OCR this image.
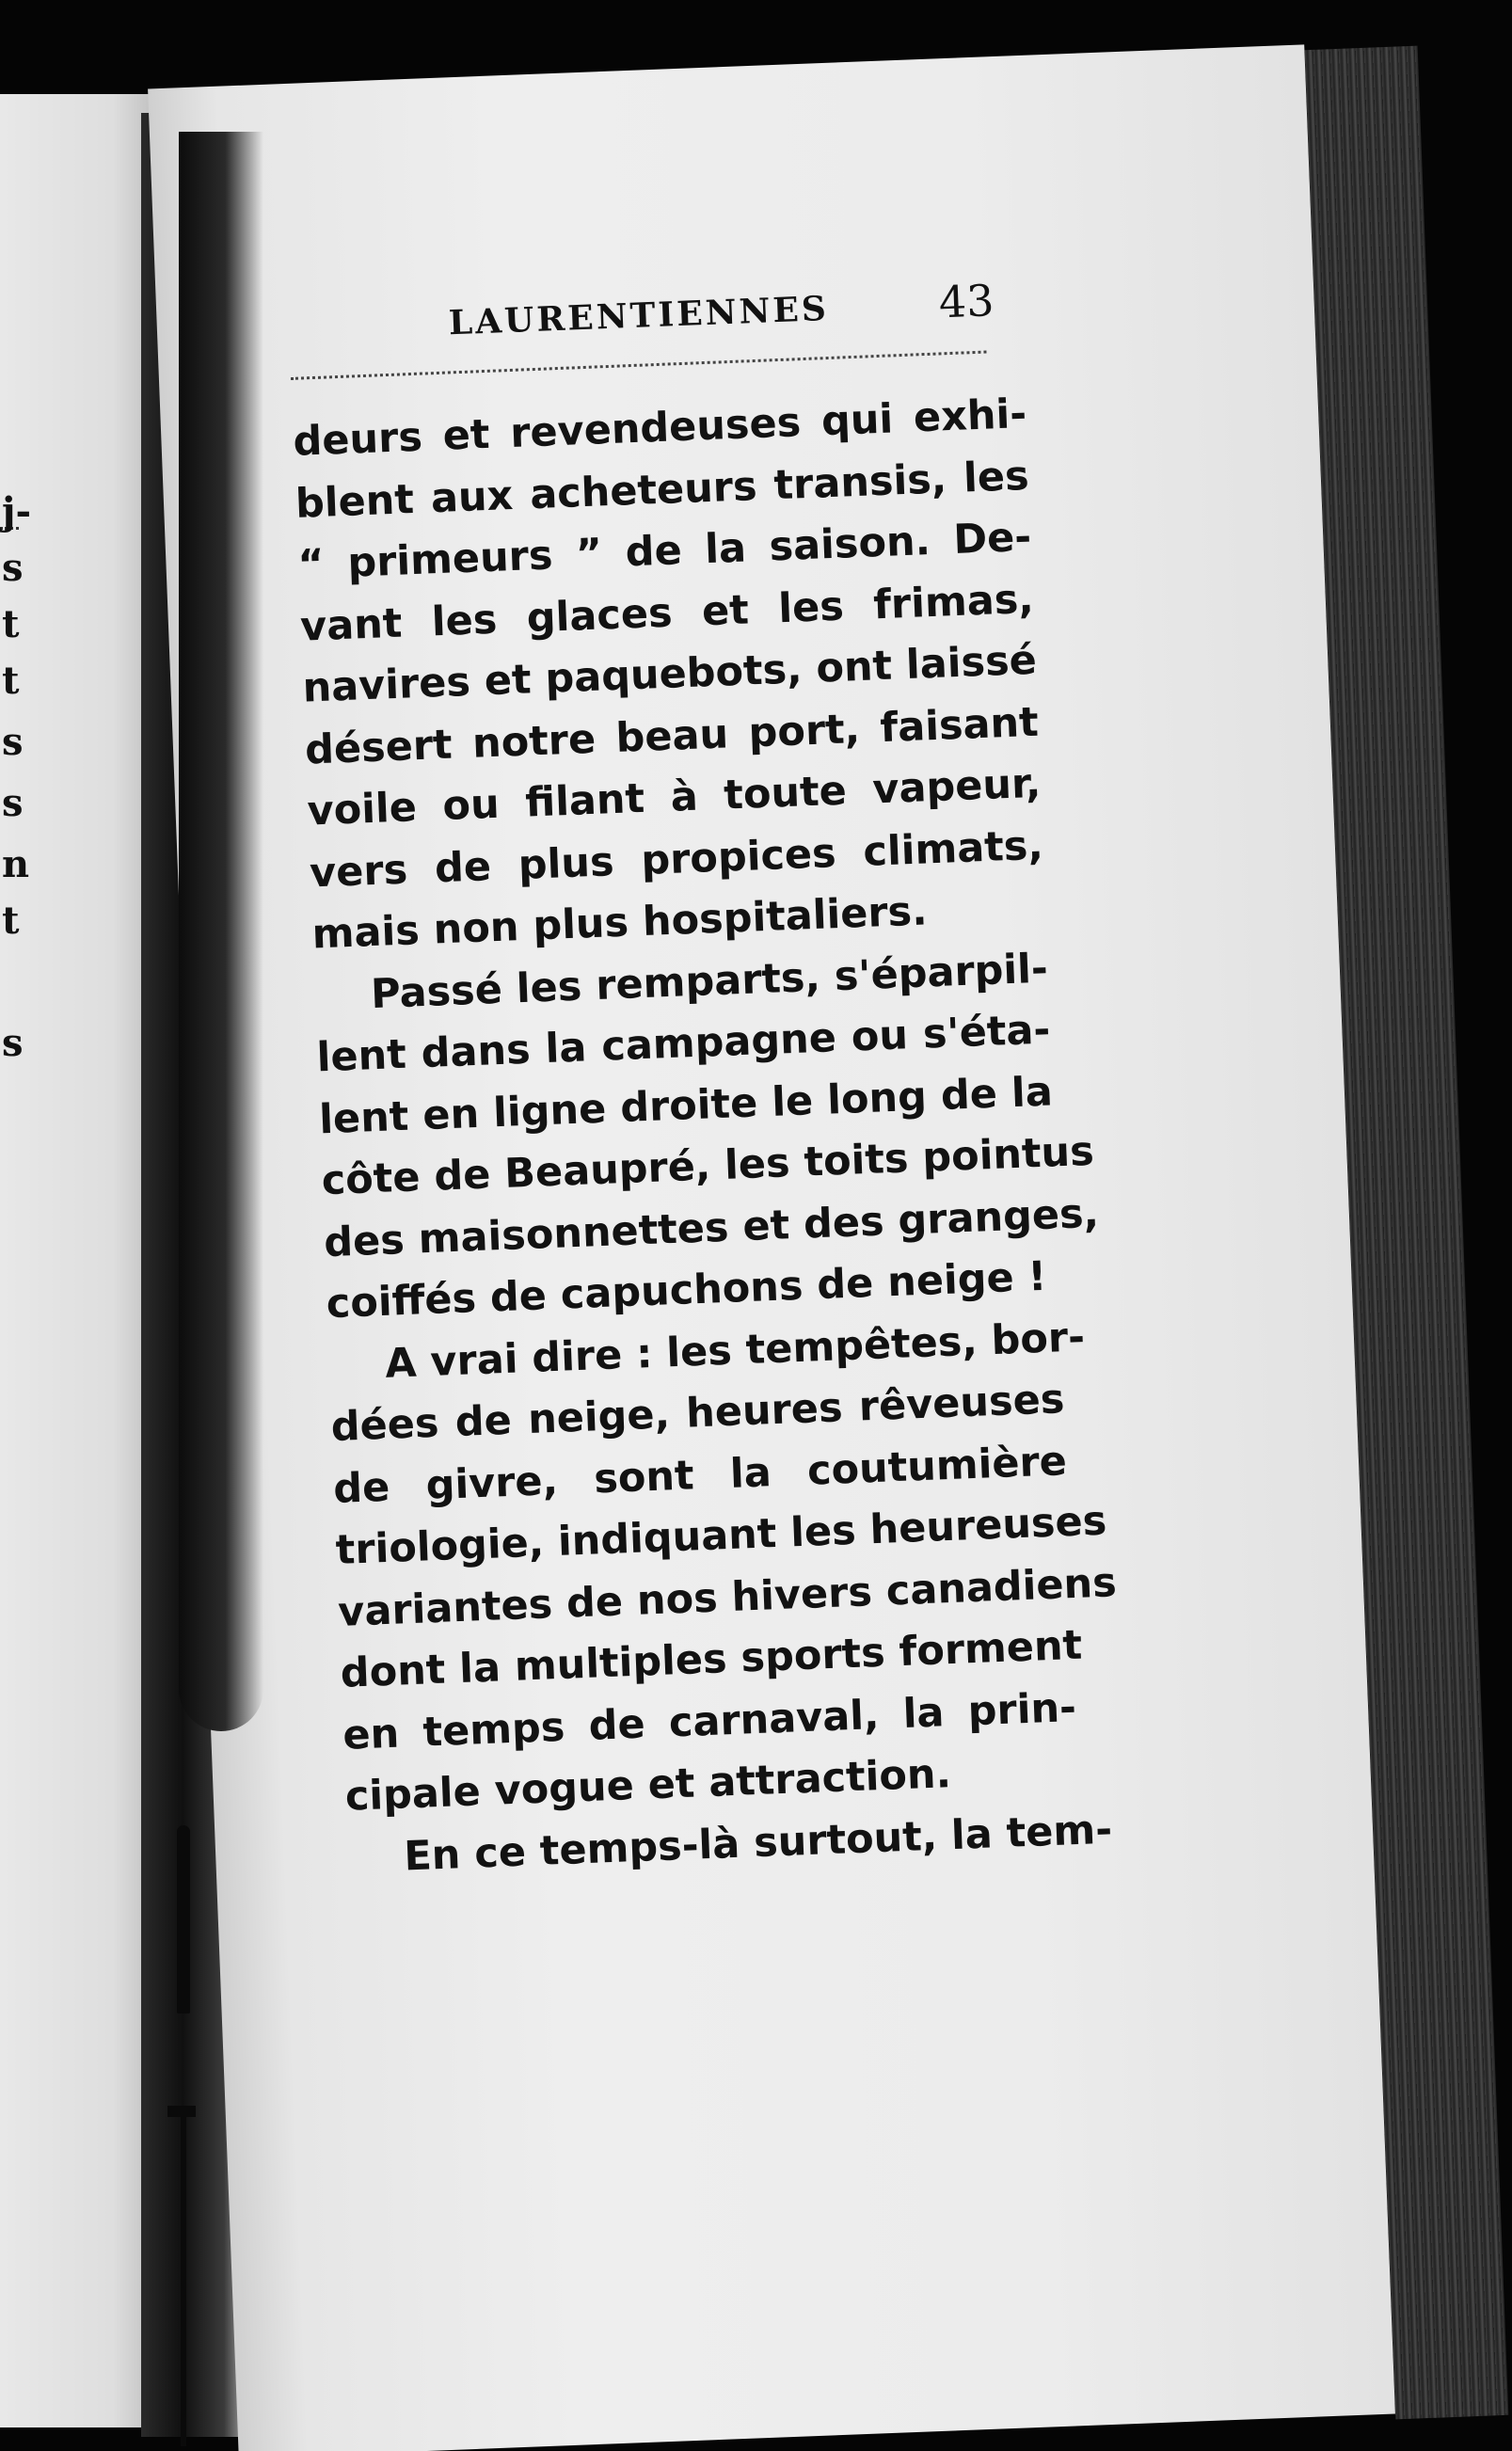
j-
s
t
t
s
s
n
t
s
LAURENTIENNES	43
deurs et revendeuses qui exhi-
blent aux acheteurs transis, les
“ primeurs ” de la saison. De-
vant les glaces et les frimas,
navires et paquebots, ont laissé
désert notre beau port, faisant
voile ou filant à toute vapeur,
vers de plus propices climats,
mais non plus hospitaliers.
Passé les remparts, s'éparpil-
lent dans la campagne ou s'éta-
lent en ligne droite le long de la
côte de Beaupré, les toits pointus
des maisonnettes et des granges,
coiffés de capuchons de neige !
A vrai dire : les tempêtes, bor-
dées de neige, heures rêveuses
de givre, sont la coutumière
triologie, indiquant les heureuses
variantes de nos hivers canadiens
dont la multiples sports forment
en temps de carnaval, la prin-
cipale vogue et attraction.
En ce temps-là surtout, la tem-
